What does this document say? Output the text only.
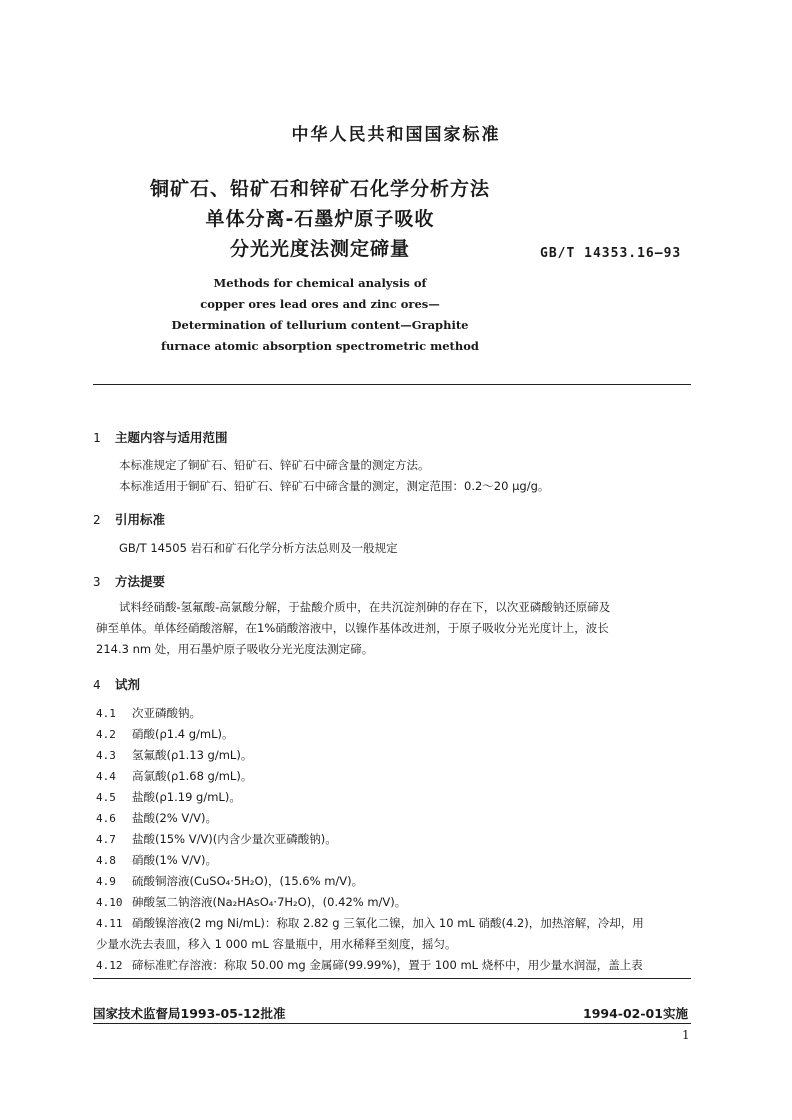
中华人民共和国国家标准
铜矿石、铅矿石和锌矿石化学分析方法
单体分离-石墨炉原子吸收
分光光度法测定碲量	GB/T 14353.16—93
Methods for chemical analysis of
copper ores lead ores and zinc ores—
Determination of tellurium content—Graphite
furnace atomic absorption spectrometric method
1 主题内容与适用范围
本标准规定了铜矿石、铅矿石、锌矿石中碲含量的测定方法。
本标准适用于铜矿石、铅矿石、锌矿石中碲含量的测定，测定范围：0.2～20 μg/g。
2 引用标准
GB/T 14505 岩石和矿石化学分析方法总则及一般规定
3 方法提要
试料经硝酸-氢氟酸-高氯酸分解，于盐酸介质中，在共沉淀剂砷的存在下，以次亚磷酸钠还原碲及
砷至单体。单体经硝酸溶解，在1%硝酸溶液中，以镍作基体改进剂，于原子吸收分光光度计上，波长
214.3 nm 处，用石墨炉原子吸收分光光度法测定碲。
4 试剂
4.1 次亚磷酸钠。
4.2 硝酸(ρ1.4 g/mL)。
4.3 氢氟酸(ρ1.13 g/mL)。
4.4 高氯酸(ρ1.68 g/mL)。
4.5 盐酸(ρ1.19 g/mL)。
4.6 盐酸(2% V/V)。
4.7 盐酸(15% V/V)(内含少量次亚磷酸钠)。
4.8 硝酸(1% V/V)。
4.9 硫酸铜溶液(CuSO₄·5H₂O)，(15.6% m/V)。
4.10 砷酸氢二钠溶液(Na₂HAsO₄·7H₂O)，(0.42% m/V)。
4.11 硝酸镍溶液(2 mg Ni/mL)：称取 2.82 g 三氧化二镍，加入 10 mL 硝酸(4.2)，加热溶解，冷却，用
少量水洗去表皿，移入 1 000 mL 容量瓶中，用水稀释至刻度，摇匀。
4.12 碲标准贮存溶液：称取 50.00 mg 金属碲(99.99%)，置于 100 mL 烧杯中，用少量水润湿，盖上表
国家技术监督局1993-05-12批准	1994-02-01实施
1
